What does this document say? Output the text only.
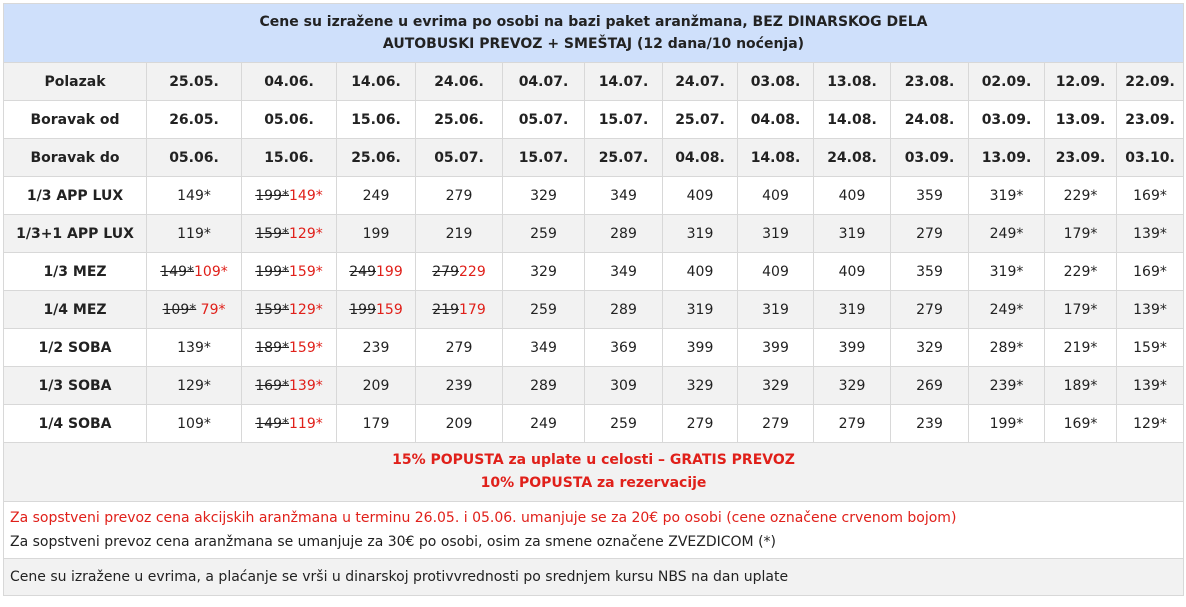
Cene su izražene u evrima po osobi na bazi paket aranžmana, BEZ DINARSKOG DELA
AUTOBUSKI PREVOZ + SMEŠTAJ (12 dana/10 noćenja)													

Polazak	25.05.	04.06.	14.06.	24.06.	04.07.	14.07.	24.07.	03.08.	13.08.	23.08.	02.09.	12.09.	22.09.
Boravak od	26.05.	05.06.	15.06.	25.06.	05.07.	15.07.	25.07.	04.08.	14.08.	24.08.	03.09.	13.09.	23.09.
Boravak do	05.06.	15.06.	25.06.	05.07.	15.07.	25.07.	04.08.	14.08.	24.08.	03.09.	13.09.	23.09.	03.10.
1/3 APP LUX	149*	199*149*	249	279	329	349	409	409	409	359	319*	229*	169*
1/3+1 APP LUX	119*	159*129*	199	219	259	289	319	319	319	279	249*	179*	139*
1/3 MEZ	149*109*	199*159*	249199	279229	329	349	409	409	409	359	319*	229*	169*
1/4 MEZ	109* 79*	159*129*	199159	219179	259	289	319	319	319	279	249*	179*	139*
1/2 SOBA	139*	189*159*	239	279	349	369	399	399	399	329	289*	219*	159*
1/3 SOBA	129*	169*139*	209	239	289	309	329	329	329	269	239*	189*	139*
1/4 SOBA	109*	149*119*	179	209	249	259	279	279	279	239	199*	169*	129*

15% POPUSTA za uplate u celosti – GRATIS PREVOZ
10% POPUSTA za rezervacije													

Za sopstveni prevoz cena akcijskih aranžmana u terminu 26.05. i 05.06. umanjuje se za 20€ po osobi (cene označene crvenom bojom)
Za sopstveni prevoz cena aranžmana se umanjuje za 30€ po osobi, osim za smene označene ZVEZDICOM (*)													

Cene su izražene u evrima, a plaćanje se vrši u dinarskoj protivvrednosti po srednjem kursu NBS na dan uplate													
